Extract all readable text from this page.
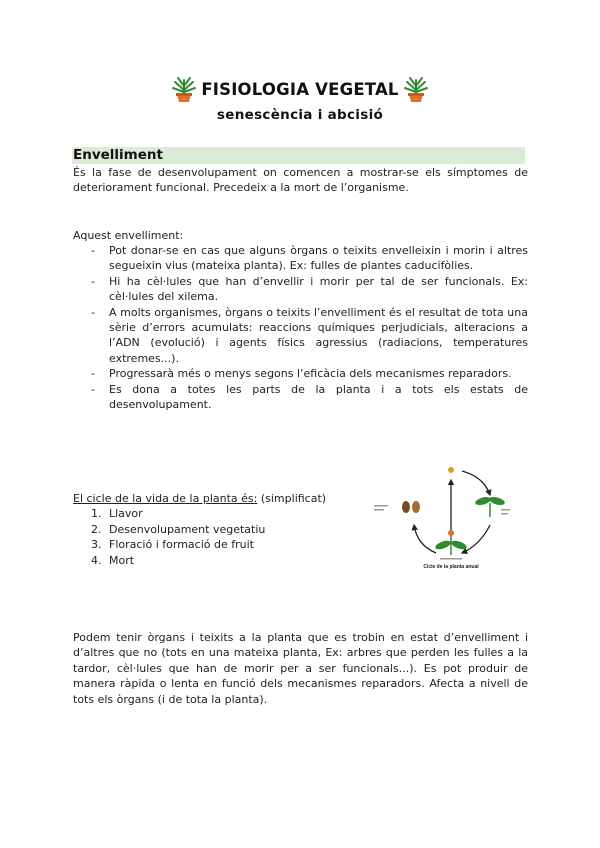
FISIOLOGIA VEGETAL
senescència i abcisió
Envelliment
És la fase de desenvolupament on comencen a mostrar-se els símptomes de deteriorament funcional. Precedeix a la mort de l’organisme.
Aquest envelliment:
- Pot donar-se en cas que alguns òrgans o teixits envelleixin i morin i altres segueixin vius (mateixa planta). Ex: fulles de plantes caducifòlies.
- Hi ha cèl·lules que han d’envellir i morir per tal de ser funcionals. Ex: cèl·lules del xilema.
- A molts organismes, òrgans o teixits l’envelliment és el resultat de tota una sèrie d’errors acumulats: reaccions químiques perjudicials, alteracions a l’ADN (evolució) i agents físics agressius (radiacions, temperatures extremes...).
- Progressarà més o menys segons l’eficàcia dels mecanismes reparadors.
- Es dona a totes les parts de la planta i a tots els estats de desenvolupament.
El cicle de la vida de la planta és: (simplificat)
1. Llavor
2. Desenvolupament vegetatiu
3. Floració i formació de fruit
4. Mort
Cicle de la planta anual
Podem tenir òrgans i teixits a la planta que es trobin en estat d’envelliment i d’altres que no (tots en una mateixa planta, Ex: arbres que perden les fulles a la tardor, cèl·lules que han de morir per a ser funcionals...). Es pot produir de manera ràpida o lenta en funció dels mecanismes reparadors. Afecta a nivell de tots els òrgans (i de tota la planta).
